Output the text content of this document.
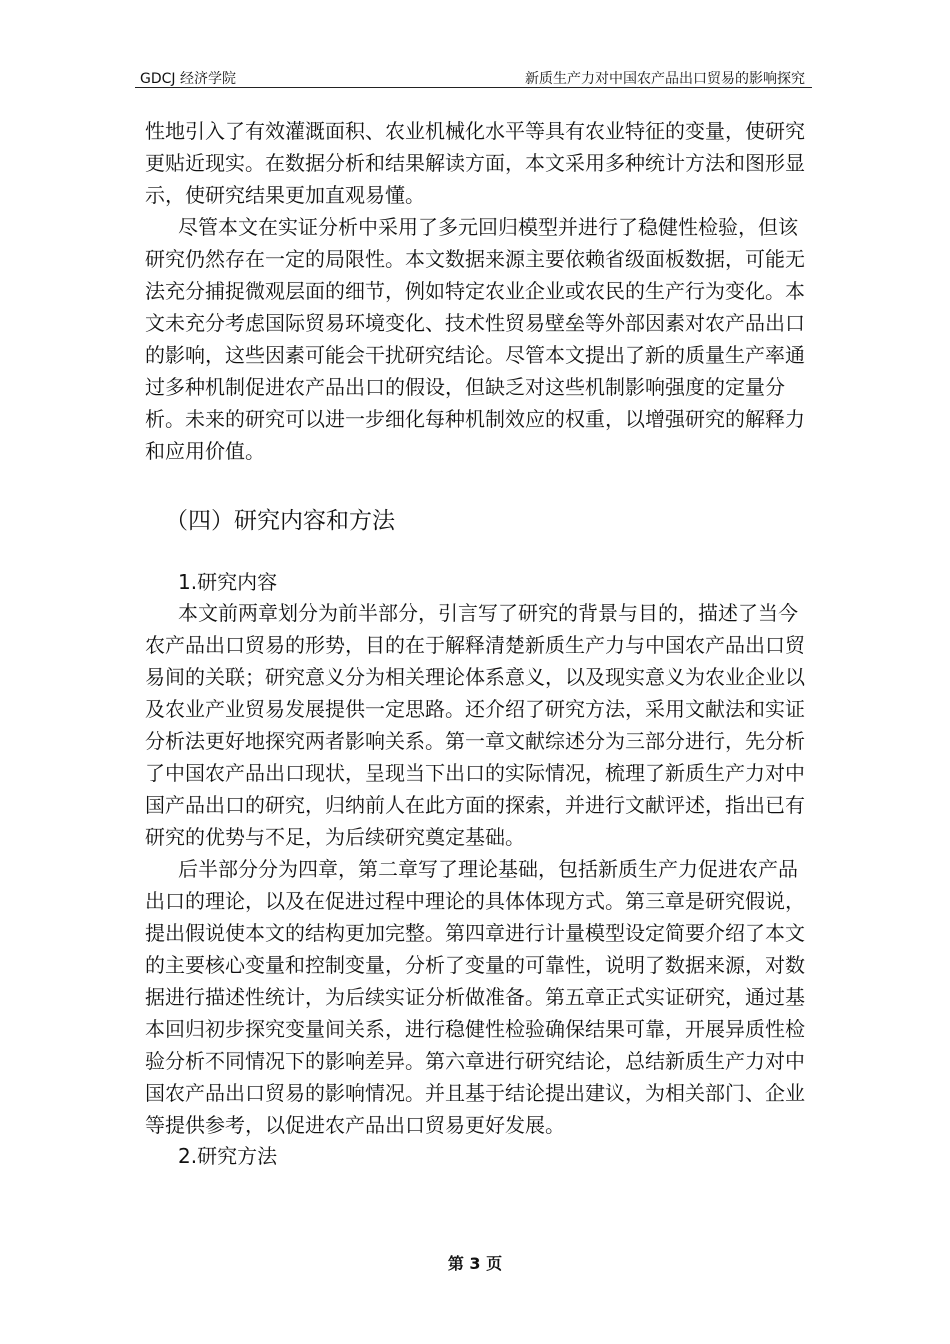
GDCJ 经济学院	新质生产力对中国农产品出口贸易的影响探究
性地引入了有效灌溉面积、农业机械化水平等具有农业特征的变量，使研究
更贴近现实。在数据分析和结果解读方面，本文采用多种统计方法和图形显
示，使研究结果更加直观易懂。
尽管本文在实证分析中采用了多元回归模型并进行了稳健性检验，但该
研究仍然存在一定的局限性。本文数据来源主要依赖省级面板数据，可能无
法充分捕捉微观层面的细节，例如特定农业企业或农民的生产行为变化。本
文未充分考虑国际贸易环境变化、技术性贸易壁垒等外部因素对农产品出口
的影响，这些因素可能会干扰研究结论。尽管本文提出了新的质量生产率通
过多种机制促进农产品出口的假设，但缺乏对这些机制影响强度的定量分
析。未来的研究可以进一步细化每种机制效应的权重，以增强研究的解释力
和应用价值。
（四）研究内容和方法
1.研究内容
本文前两章划分为前半部分，引言写了研究的背景与目的，描述了当今
农产品出口贸易的形势，目的在于解释清楚新质生产力与中国农产品出口贸
易间的关联；研究意义分为相关理论体系意义，以及现实意义为农业企业以
及农业产业贸易发展提供一定思路。还介绍了研究方法，采用文献法和实证
分析法更好地探究两者影响关系。第一章文献综述分为三部分进行，先分析
了中国农产品出口现状，呈现当下出口的实际情况，梳理了新质生产力对中
国产品出口的研究，归纳前人在此方面的探索，并进行文献评述，指出已有
研究的优势与不足，为后续研究奠定基础。
后半部分分为四章，第二章写了理论基础，包括新质生产力促进农产品
出口的理论，以及在促进过程中理论的具体体现方式。第三章是研究假说，
提出假说使本文的结构更加完整。第四章进行计量模型设定简要介绍了本文
的主要核心变量和控制变量，分析了变量的可靠性，说明了数据来源，对数
据进行描述性统计，为后续实证分析做准备。第五章正式实证研究，通过基
本回归初步探究变量间关系，进行稳健性检验确保结果可靠，开展异质性检
验分析不同情况下的影响差异。第六章进行研究结论，总结新质生产力对中
国农产品出口贸易的影响情况。并且基于结论提出建议，为相关部门、企业
等提供参考，以促进农产品出口贸易更好发展。
2.研究方法
第 3 页
